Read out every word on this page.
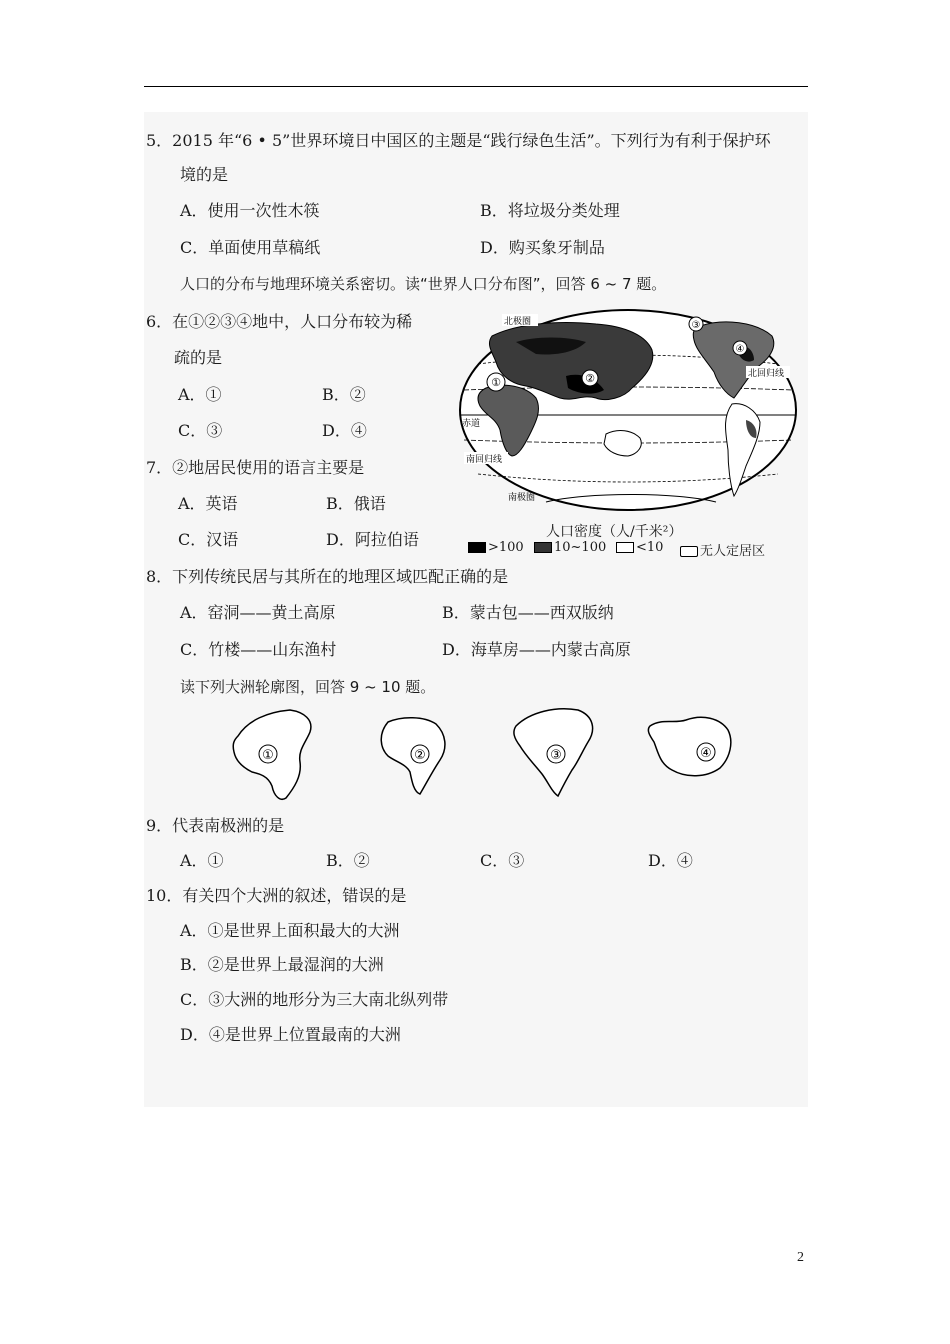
5．2015 年“6 • 5”世界环境日中国区的主题是“践行绿色生活”。下列行为有利于保护环
境的是
A．使用一次性木筷	B．将垃圾分类处理
C．单面使用草稿纸	D．购买象牙制品
人口的分布与地理环境关系密切。读“世界人口分布图”，回答 6 ~ 7 题。
6．在①②③④地中，人口分布较为稀
疏的是
A．①	B．②
C．③	D．④
7．②地居民使用的语言主要是
A．英语	B．俄语
C．汉语	D．阿拉伯语
①	②
③
④
北极圈
北回归线
赤道
南回归线
南极圈
人口密度（人/千米²）
>100	10~100	<10	无人定居区
8．下列传统民居与其所在的地理区域匹配正确的是
A．窑洞——黄土高原	B．蒙古包——西双版纳
C．竹楼——山东渔村	D．海草房——内蒙古高原
读下列大洲轮廓图，回答 9 ~ 10 题。
①	②	③	④
9．代表南极洲的是
A．①	B．②	C．③	D．④
10．有关四个大洲的叙述，错误的是
A．①是世界上面积最大的大洲
B．②是世界上最湿润的大洲
C．③大洲的地形分为三大南北纵列带
D．④是世界上位置最南的大洲
2
